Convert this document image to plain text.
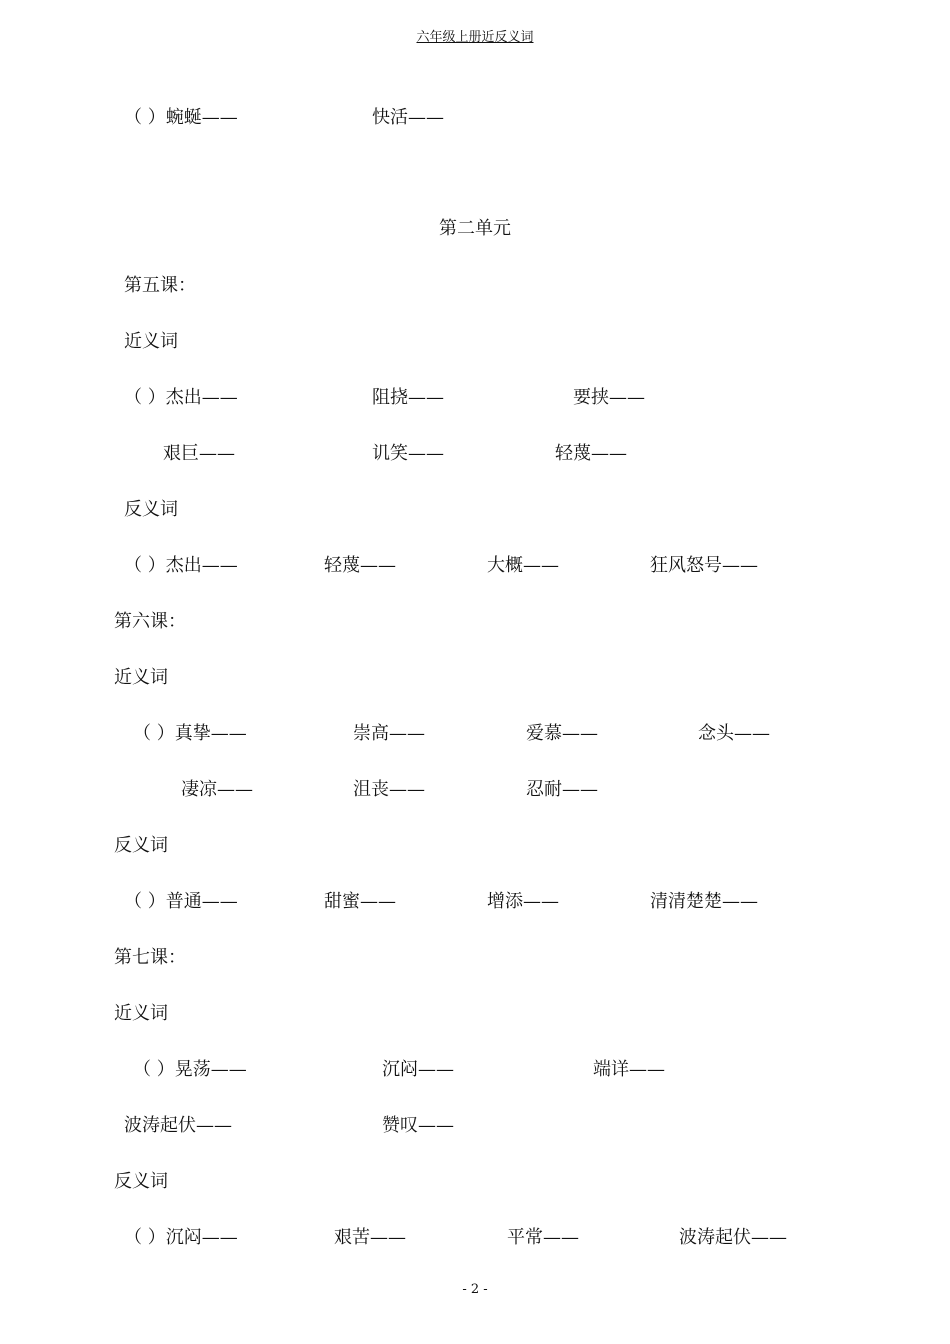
六年级上册近反义词
（ ）蜿蜒——	快活——
第二单元
第五课：
近义词
（ ）杰出——	阻挠——	要挟——
艰巨——	讥笑——	轻蔑——
反义词
（ ）杰出——	轻蔑——	大概——	狂风怒号——
第六课：
近义词
（ ）真挚——	崇高——	爱慕——	念头——
凄凉——	沮丧——	忍耐——
反义词
（ ）普通——	甜蜜——	增添——	清清楚楚——
第七课：
近义词
（ ）晃荡——	沉闷——	端详——
波涛起伏——	赞叹——
反义词
（ ）沉闷——	艰苦——	平常——	波涛起伏——
- 2 -
